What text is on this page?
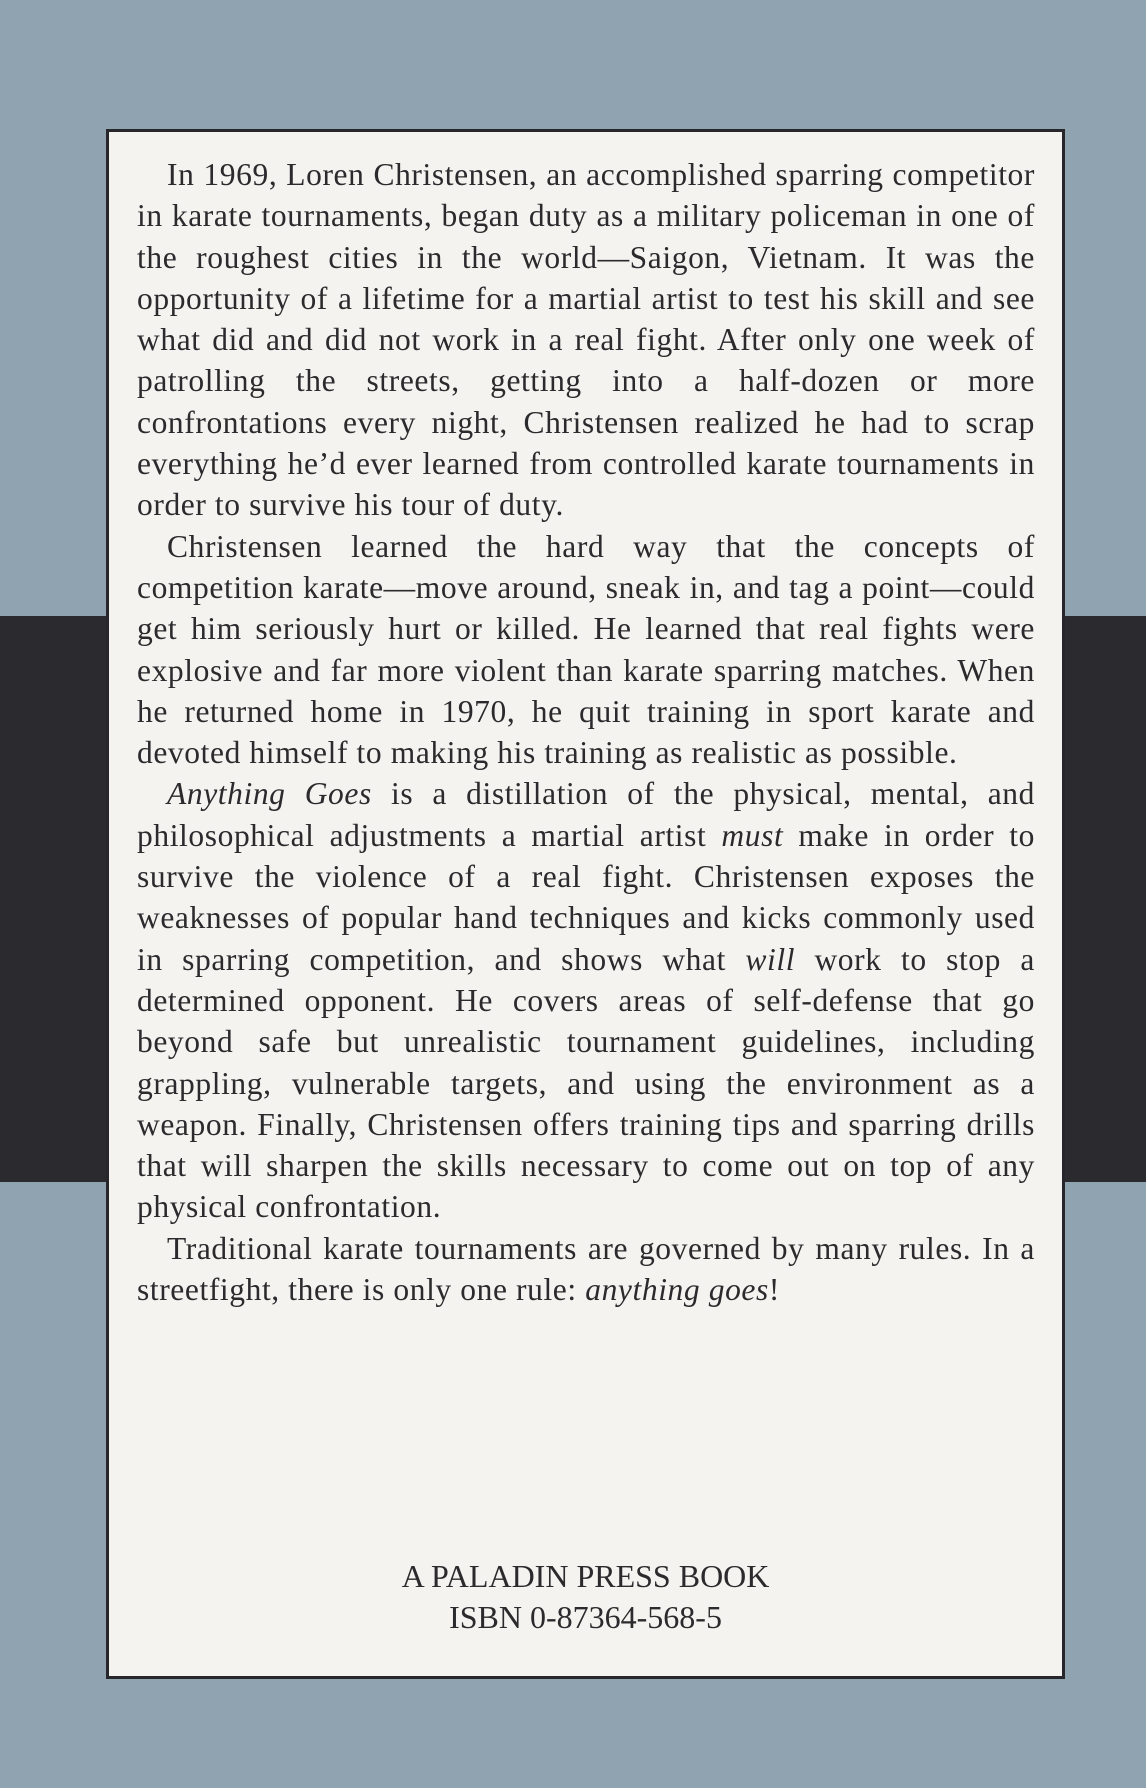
In 1969, Loren Christensen, an accomplished sparring competitor in karate tournaments, began duty as a military policeman in one of the roughest cities in the world—Saigon, Vietnam. It was the opportunity of a lifetime for a martial artist to test his skill and see what did and did not work in a real fight. After only one week of patrolling the streets, getting into a half-dozen or more confrontations every night, Christensen realized he had to scrap everything he’d ever learned from controlled karate tournaments in order to survive his tour of duty.

Christensen learned the hard way that the concepts of competition karate—move around, sneak in, and tag a point—could get him seriously hurt or killed. He learned that real fights were explosive and far more violent than karate sparring matches. When he returned home in 1970, he quit training in sport karate and devoted himself to making his training as realistic as possible.

Anything Goes is a distillation of the physical, mental, and philosophical adjustments a martial artist must make in order to survive the violence of a real fight. Christensen exposes the weaknesses of popular hand techniques and kicks commonly used in sparring competition, and shows what will work to stop a determined opponent. He covers areas of self-defense that go beyond safe but unrealistic tournament guidelines, including grappling, vulnerable targets, and using the environment as a weapon. Finally, Christensen offers training tips and sparring drills that will sharpen the skills necessary to come out on top of any physical confrontation.

Traditional karate tournaments are governed by many rules. In a streetfight, there is only one rule: anything goes!

A PALADIN PRESS BOOK
ISBN 0-87364-568-5
